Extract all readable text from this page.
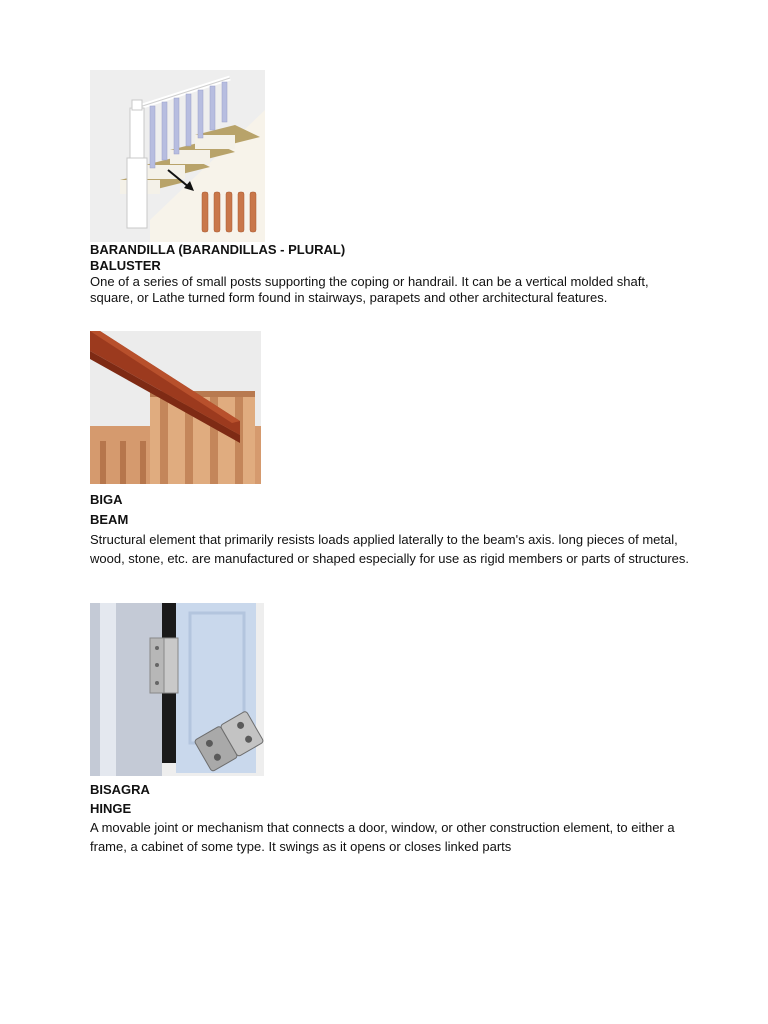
BARANDILLA (BARANDILLAS - PLURAL)

BALUSTER

One of a series of small posts supporting the coping or handrail. It can be a vertical molded shaft, square, or Lathe turned form found in stairways, parapets and other architectural features.

BIGA

BEAM

Structural element that primarily resists loads applied laterally to the beam's axis. long pieces of metal, wood, stone, etc. are manufactured or shaped especially for use as rigid members or parts of structures.

BISAGRA

HINGE

A movable joint or mechanism that connects a door, window, or other construction element, to either a frame, a cabinet of some type. It swings as it opens or closes linked parts
